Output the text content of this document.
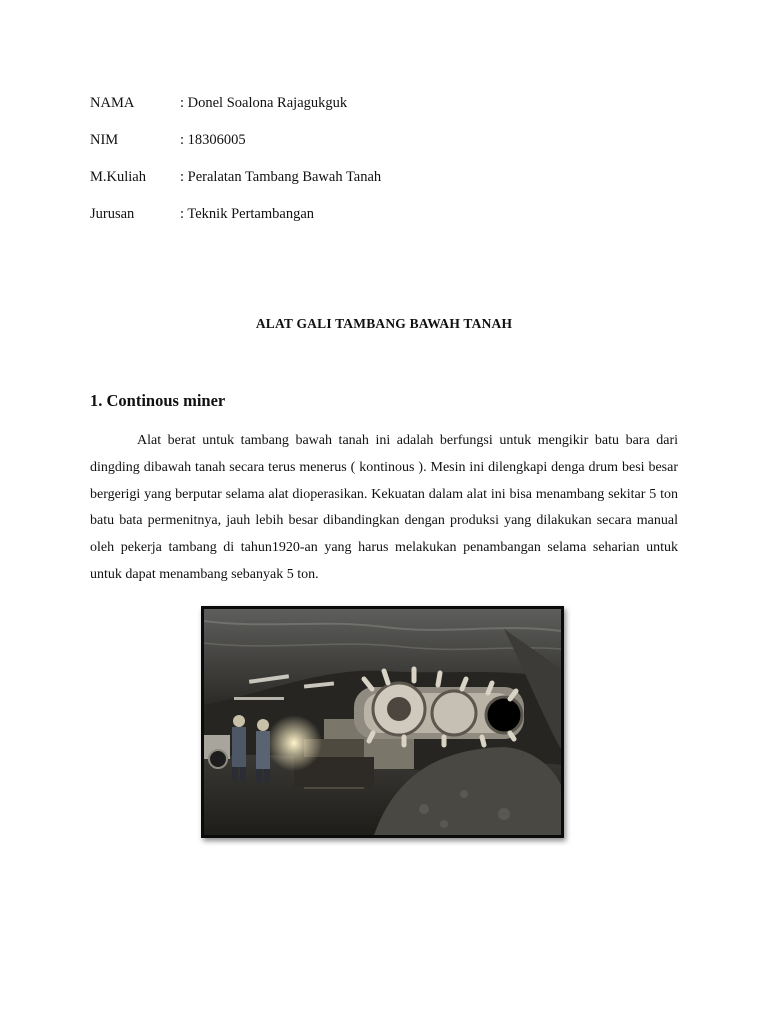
NAMA	: Donel Soalona Rajagukguk
NIM	: 18306005
M.Kuliah	: Peralatan Tambang Bawah Tanah
Jurusan	: Teknik Pertambangan
ALAT GALI TAMBANG BAWAH TANAH
1. Continous miner

Alat berat untuk tambang bawah tanah ini adalah berfungsi untuk mengikir batu bara dari dingding dibawah tanah secara terus menerus ( kontinous ). Mesin ini dilengkapi denga drum besi besar bergerigi yang berputar selama alat dioperasikan. Kekuatan dalam alat ini bisa menambang sekitar 5 ton batu bata permenitnya, jauh lebih besar dibandingkan dengan produksi yang dilakukan secara manual oleh pekerja tambang di tahun1920-an yang harus melakukan penambangan selama seharian untuk untuk dapat menambang sebanyak 5 ton.
